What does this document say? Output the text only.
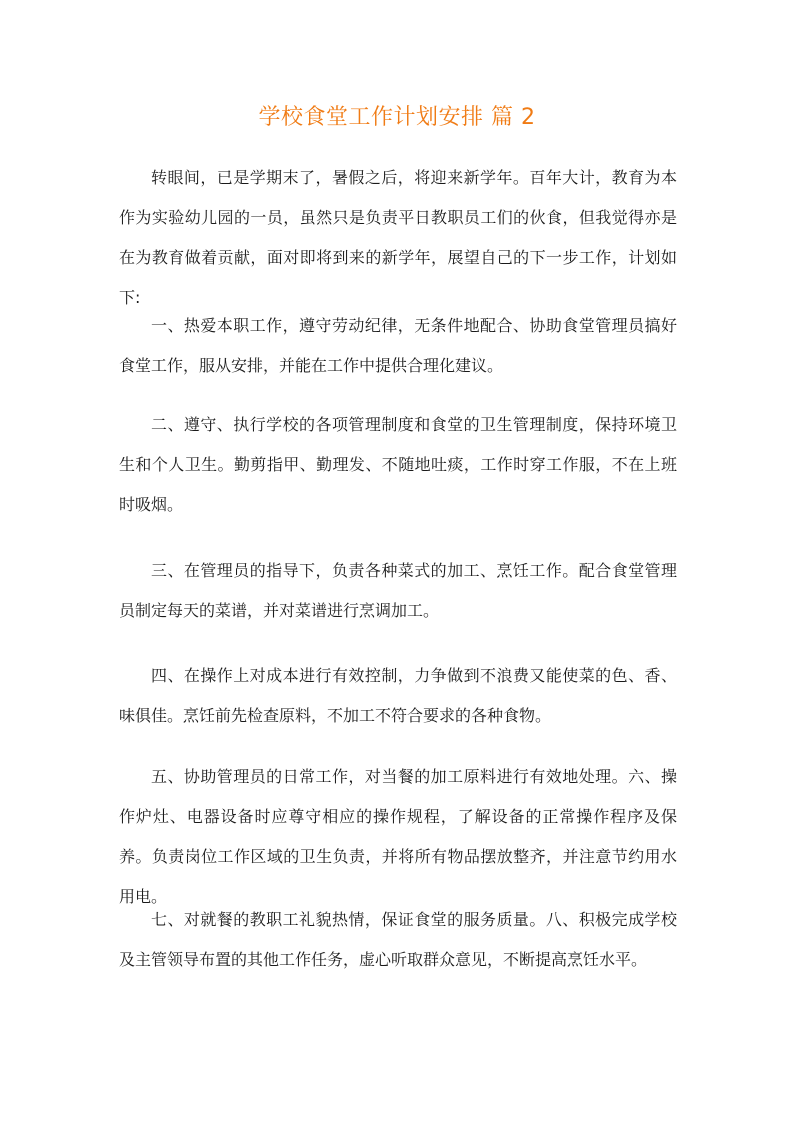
学校食堂工作计划安排 篇 2

转眼间，已是学期末了，暑假之后，将迎来新学年。百年大计，教育为本作为实验幼儿园的一员，虽然只是负责平日教职员工们的伙食，但我觉得亦是在为教育做着贡献，面对即将到来的新学年，展望自己的下一步工作，计划如下:

一、热爱本职工作，遵守劳动纪律，无条件地配合、协助食堂管理员搞好食堂工作，服从安排，并能在工作中提供合理化建议。

二、遵守、执行学校的各项管理制度和食堂的卫生管理制度，保持环境卫生和个人卫生。勤剪指甲、勤理发、不随地吐痰，工作时穿工作服，不在上班时吸烟。

三、在管理员的指导下，负责各种菜式的加工、烹饪工作。配合食堂管理员制定每天的菜谱，并对菜谱进行烹调加工。

四、在操作上对成本进行有效控制，力争做到不浪费又能使菜的色、香、味俱佳。烹饪前先检查原料，不加工不符合要求的各种食物。

五、协助管理员的日常工作，对当餐的加工原料进行有效地处理。六、操作炉灶、电器设备时应尊守相应的操作规程，了解设备的正常操作程序及保养。负责岗位工作区域的卫生负责，并将所有物品摆放整齐，并注意节约用水用电。

七、对就餐的教职工礼貌热情，保证食堂的服务质量。八、积极完成学校及主管领导布置的其他工作任务，虚心听取群众意见，不断提高烹饪水平。
